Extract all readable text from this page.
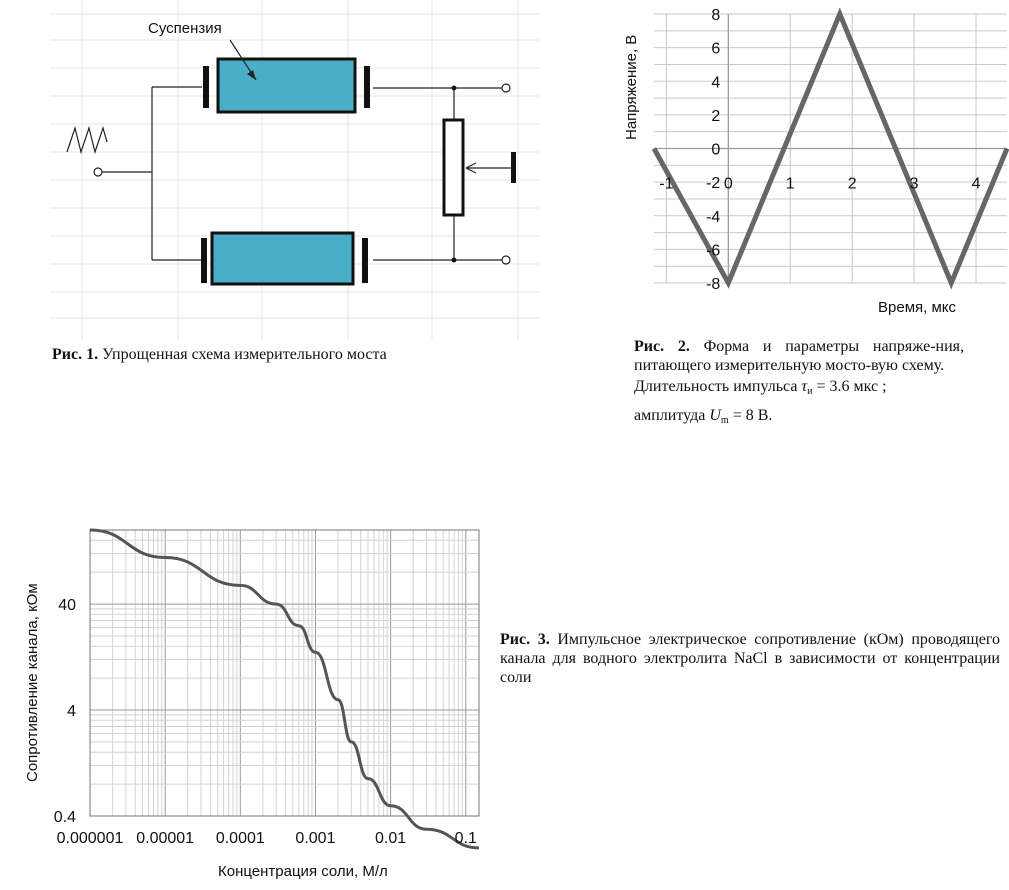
Суспензия
Рис. 1. Упрощенная схема измерительного моста
8
6
4
2
0
-2
-4
-6
-8
-1	0	1	2	3	4
Напряжение, В
Время, мкс
Рис. 2. Форма и параметры напряже-ния, питающего измерительную мосто-вую схему.
Длительность импульса $\tau_и = 3.6$ мкс ;
амплитуда $U_m = 8$ В.
40
4
0.4
0.000001 0.00001 0.0001 0.001 0.01	0.1
Сопротивление канала, кОм
Концентрация соли, М/л
Рис. 3. Импульсное электрическое сопротивление (кОм) проводящего канала для водного электролита NaCl в зависимости от концентрации соли
